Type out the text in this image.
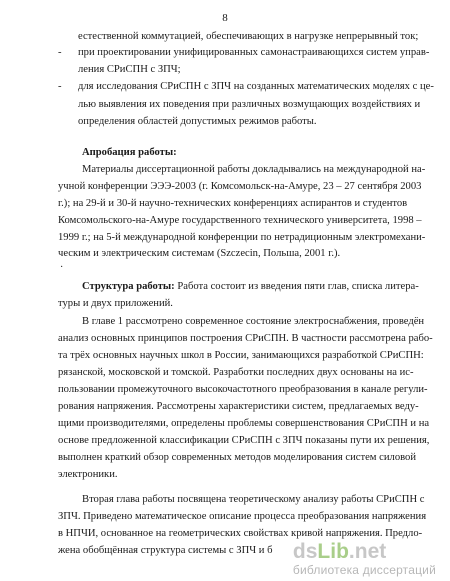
8
естественной коммутацией, обеспечивающих в нагрузке непрерывный ток;
- при проектировании унифицированных самонастраивающихся систем управ-
ления СРиСПН с ЗПЧ;
- для исследования СРиСПН с ЗПЧ на созданных математических моделях с це-
лью выявления их поведения при различных возмущающих воздействиях и
определения областей допустимых режимов работы.
Апробация работы:
Материалы диссертационной работы докладывались на международной на-
учной конференции ЭЭЭ-2003 (г. Комсомольск-на-Амуре, 23 – 27 сентября 2003
г.); на 29-й и 30-й научно-технических конференциях аспирантов и студентов
Комсомольского-на-Амуре государственного технического университета, 1998 –
1999 г.; на 5-й международной конференции по нетрадиционным электромехани-
ческим и электрическим системам (Szczecin, Польша, 2001 г.).
·
Структура работы: Работа состоит из введения пяти глав, списка литера-
туры и двух приложений.
В главе 1 рассмотрено современное состояние электроснабжения, проведён
анализ основных принципов построения СРиСПН. В частности рассмотрена рабо-
та трёх основных научных школ в России, занимающихся разработкой СРиСПН:
рязанской, московской и томской. Разработки последних двух основаны на ис-
пользовании промежуточного высокочастотного преобразования в канале регули-
рования напряжения. Рассмотрены характеристики систем, предлагаемых веду-
щими производителями, определены проблемы совершенствования СРиСПН и на
основе предложенной классификации СРиСПН с ЗПЧ показаны пути их решения,
выполнен краткий обзор современных методов моделирования систем силовой
электроники.
Вторая глава работы посвящена теоретическому анализу работы СРиСПН с
ЗПЧ. Приведено математическое описание процесса преобразования напряжения
в НПЧИ, основанное на геометрических свойствах кривой напряжения. Предло-
жена обобщённая структура системы с ЗПЧ и б dsLib.net
библиотека диссертаций
